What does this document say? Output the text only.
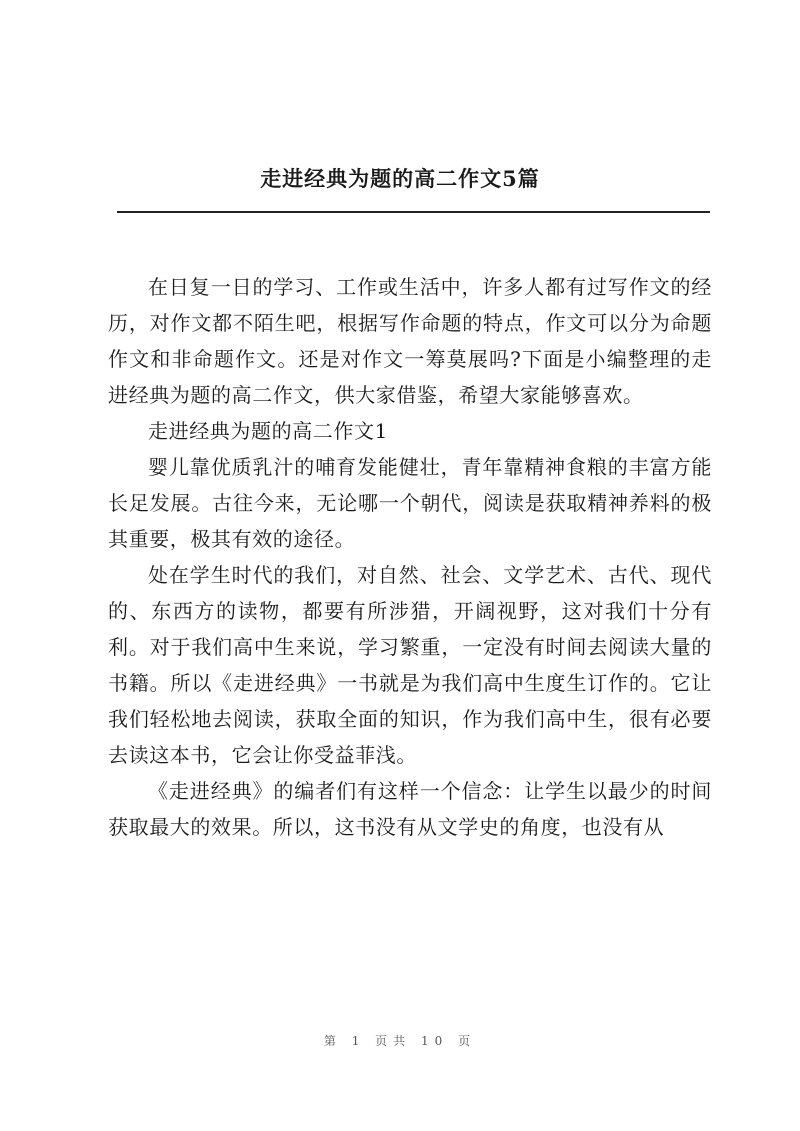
走进经典为题的高二作文5篇

在日复一日的学习、工作或生活中，许多人都有过写作文的经历，对作文都不陌生吧，根据写作命题的特点，作文可以分为命题作文和非命题作文。还是对作文一筹莫展吗?下面是小编整理的走进经典为题的高二作文，供大家借鉴，希望大家能够喜欢。

走进经典为题的高二作文1

婴儿靠优质乳汁的哺育发能健壮，青年靠精神食粮的丰富方能长足发展。古往今来，无论哪一个朝代，阅读是获取精神养料的极其重要，极其有效的途径。

处在学生时代的我们，对自然、社会、文学艺术、古代、现代的、东西方的读物，都要有所涉猎，开阔视野，这对我们十分有利。对于我们高中生来说，学习繁重，一定没有时间去阅读大量的书籍。所以《走进经典》一书就是为我们高中生度生订作的。它让我们轻松地去阅读，获取全面的知识，作为我们高中生，很有必要去读这本书，它会让你受益菲浅。

《走进经典》的编者们有这样一个信念：让学生以最少的时间获取最大的效果。所以，这书没有从文学史的角度，也没有从

第 1 页共 10 页
